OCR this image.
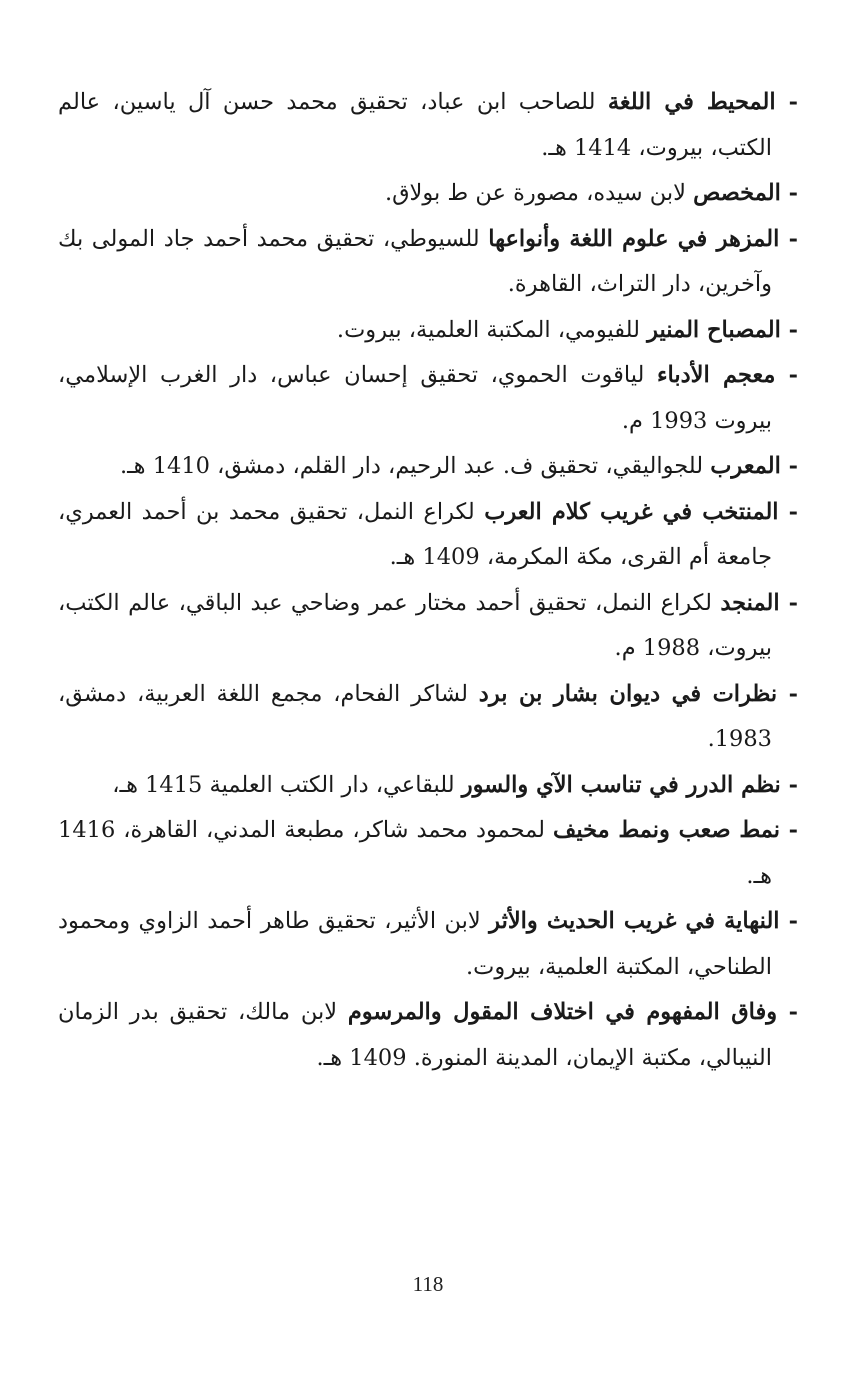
- المحيط في اللغة للصاحب ابن عباد، تحقيق محمد حسن آل ياسين، عالم الكتب، بيروت، 1414 هـ.

- المخصص لابن سيده، مصورة عن ط بولاق.

- المزهر في علوم اللغة وأنواعها للسيوطي، تحقيق محمد أحمد جاد المولى بك وآخرين، دار التراث، القاهرة.

- المصباح المنير للفيومي، المكتبة العلمية، بيروت.

- معجم الأدباء لياقوت الحموي، تحقيق إحسان عباس، دار الغرب الإسلامي، بيروت 1993 م.

- المعرب للجواليقي، تحقيق ف. عبد الرحيم، دار القلم، دمشق، 1410 هـ.

- المنتخب في غريب كلام العرب لكراع النمل، تحقيق محمد بن أحمد العمري، جامعة أم القرى، مكة المكرمة، 1409 هـ.

- المنجد لكراع النمل، تحقيق أحمد مختار عمر وضاحي عبد الباقي، عالم الكتب، بيروت، 1988 م.

- نظرات في ديوان بشار بن برد لشاكر الفحام، مجمع اللغة العربية، دمشق، 1983.

- نظم الدرر في تناسب الآي والسور للبقاعي، دار الكتب العلمية 1415 هـ،

- نمط صعب ونمط مخيف لمحمود محمد شاكر، مطبعة المدني، القاهرة، 1416 هـ.

- النهاية في غريب الحديث والأثر لابن الأثير، تحقيق طاهر أحمد الزاوي ومحمود الطناحي، المكتبة العلمية، بيروت.

- وفاق المفهوم في اختلاف المقول والمرسوم لابن مالك، تحقيق بدر الزمان النيبالي، مكتبة الإيمان، المدينة المنورة. 1409 هـ.

118
